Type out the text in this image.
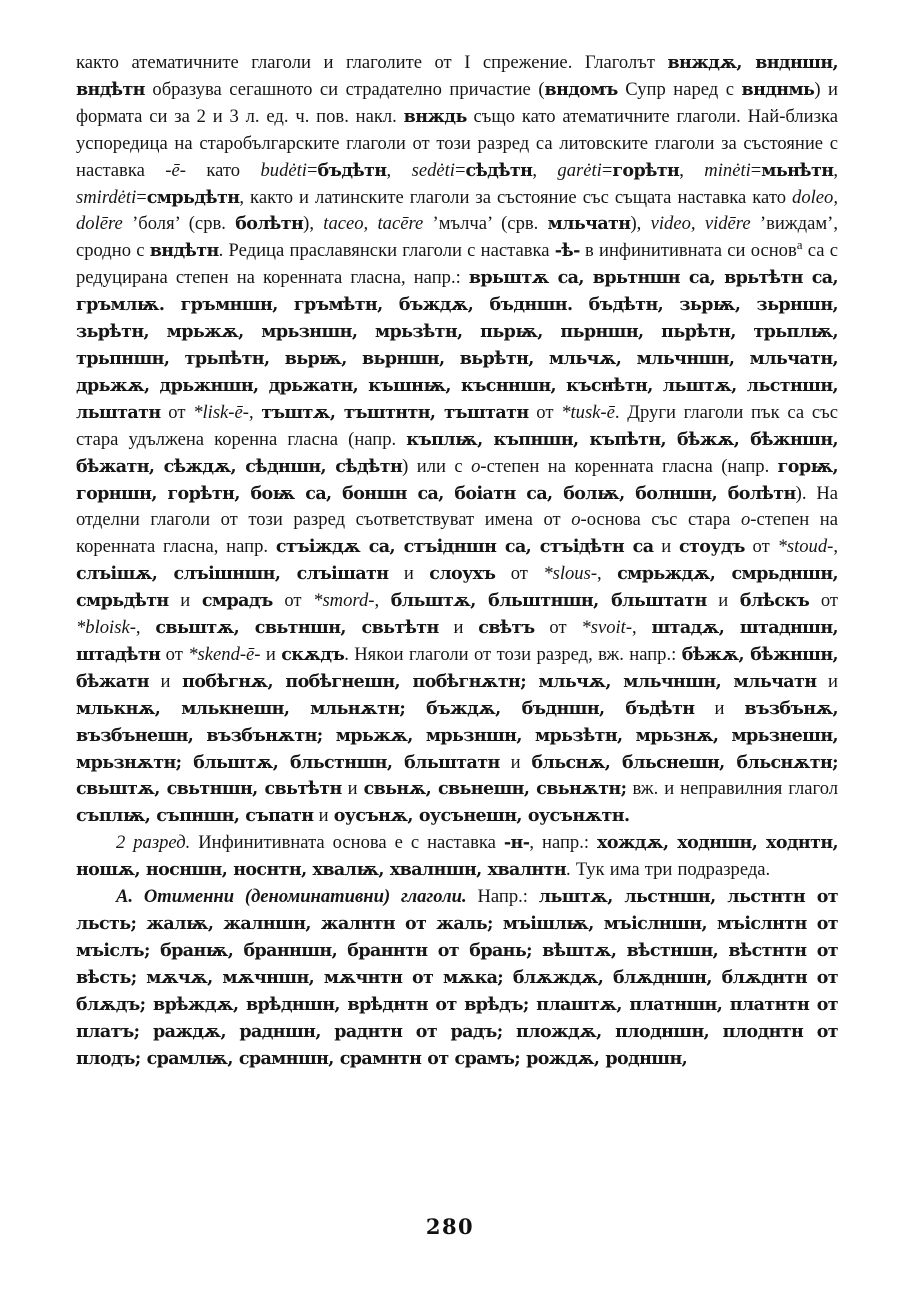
както атематичните глаголи и глаголите от I спрежение. Глаголът внждѫ, вндншн, вндѣтн образува сегашното си страдателно причастие (вндомъ Супр наред с внднмь) и формата си за 2 и 3 л. ед. ч. пов. накл. внждь също като атематичните глаголи. Най-близка успоредица на старобългарските глаголи от този разред са литовските глаголи за състояние с наставка -ē- като budėti=бъдѣтн, sedėti=сѣдѣтн, garėti=горѣтн, minėti=мьнѣтн, smirdėti=смрьдѣтн, както и латинските глаголи за състояние със същата наставка като doleo, dolēre ’боля’ (срв. болѣтн), taceo, tacēre ’мълча’ (срв. мльчатн), video, vidēre ’виждам’, сродно с вндѣтн. Редица праславянски глаголи с наставка -ѣ- в инфинитивната си основ$^а$ са с редуцирана степен на коренната гласна, напр.: врьштѫ са, врьтншн са, врьтѣтн са, гръмлѭ. гръмншн, гръмѣтн, бъждѫ, бъдншн. бъдѣтн, зьрѭ, зьрншн, зьрѣтн, мрьжѫ, мрьзншн, мрьзѣтн, пьрѭ, пьрншн, пьрѣтн, трьплѭ, трьпншн, трьпѣтн, вьрѭ, вьрншн, вьрѣтн, мльчѫ, мльчншн, мльчатн, дрьжѫ, дрьжншн, дрьжатн, къшнѭ, къснншн, къснѣтн, льштѫ, льстншн, льштатн от *lisk-ē-, тъштѫ, тъштнтн, тъштатн от *tusk-ē. Други глаголи пък са със стара удължена коренна гласна (напр. къплѭ, къпншн, къпѣтн, бѣжѫ, бѣжншн, бѣжатн, сѣждѫ, сѣдншн, сѣдѣтн) или с о-степен на коренната гласна (напр. горѭ, горншн, горѣтн, боѭ са, боншн са, боіатн са, болѭ, болншн, болѣтн). На отделни глаголи от този разред съответствуват имена от о-основа със стара о-степен на коренната гласна, напр. стъіждѫ са, стъідншн са, стъідѣтн са и стоудъ от *stoud-, слъішѫ, слъішншн, слъішатн и слоухъ от *slous-, смрьждѫ, смрьдншн, смрьдѣтн и смрадъ от *smord-, бльштѫ, бльштншн, бльштатн и блѣскъ от *bloisk-, свьштѫ, свьтншн, свьтѣтн и свѣтъ от *svoit-, штадѫ, штадншн, штадѣтн от *skend-ē- и скѫдъ. Някои глаголи от този разред, вж. напр.: бѣжѫ, бѣжншн, бѣжатн и побѣгнѫ, побѣгнешн, побѣгнѫтн; мльчѫ, мльчншн, мльчатн и млькнѫ, млькнешн, мльнѫтн; бъждѫ, бъдншн, бъдѣтн и възбънѫ, възбънешн, възбънѫтн; мрьжѫ, мрьзншн, мрьзѣтн, мрьзнѫ, мрьзнешн, мрьзнѫтн; бльштѫ, бльстншн, бльштатн и бльснѫ, бльснешн, бльснѫтн; свьштѫ, свьтншн, свьтѣтн и свьнѫ, свьнешн, свьнѫтн; вж. и неправилния глагол съплѭ, съпншн, съпатн и оусънѫ, оусънешн, оусънѫтн.

2 разред. Инфинитивната основа е с наставка -н-, напр.: хождѫ, ходншн, ходнтн, ношѫ, носншн, носнтн, хвалѭ, хвалншн, хвалнтн. Тук има три подразреда.

А. Отименни (деноминативни) глаголи. Напр.: льштѫ, льстншн, льстнтн от льсть; жалѭ, жалншн, жалнтн от жаль; мъішлѭ, мъіслншн, мъіслнтн от мъіслъ; бранѭ, бранншн, браннтн от брань; вѣштѫ, вѣстншн, вѣстнтн от вѣсть; мѫчѫ, мѫчншн, мѫчнтн от мѫка; блѫждѫ, блѫдншн, блѫднтн от блѫдъ; врѣждѫ, врѣдншн, врѣднтн от врѣдъ; плаштѫ, платншн, платнтн от платъ; раждѫ, радншн, раднтн от радъ; плождѫ, плодншн, плоднтн от плодъ; срамлѭ, срамншн, срамнтн от срамъ; рождѫ, родншн,

280
